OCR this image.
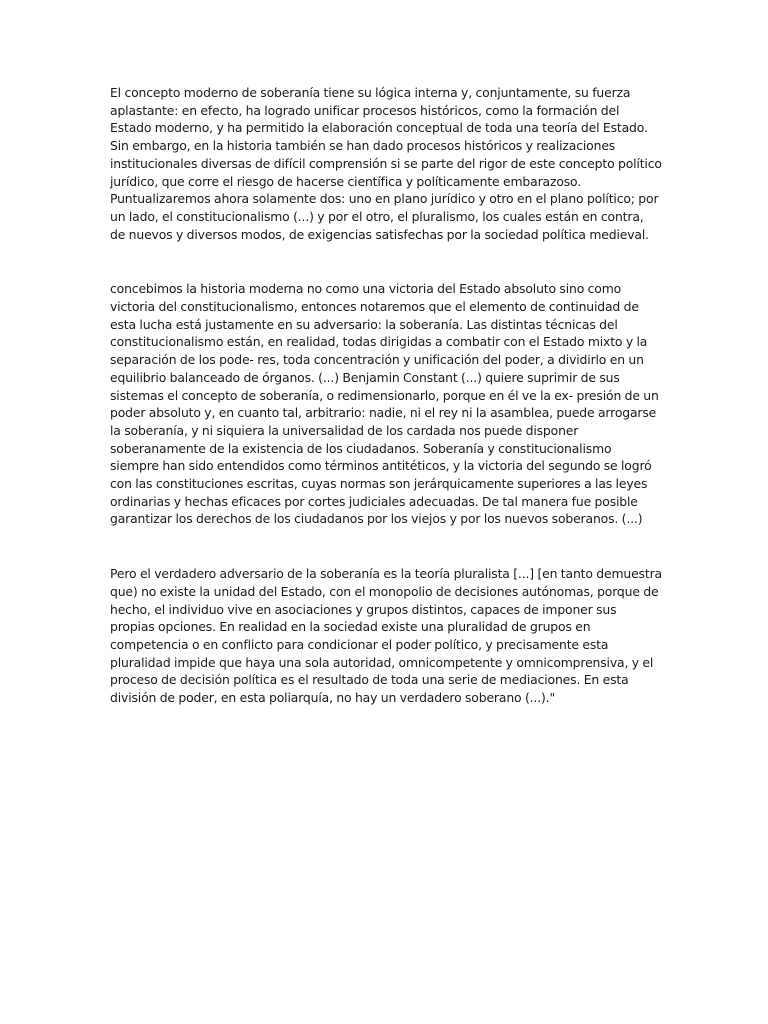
El concepto moderno de soberanía tiene su lógica interna y, conjuntamente, su fuerza aplastante: en efecto, ha logrado unificar procesos históricos, como la formación del Estado moderno, y ha permitido la elaboración conceptual de toda una teoría del Estado. Sin embargo, en la historia también se han dado procesos históricos y realizaciones institucionales diversas de difícil comprensión si se parte del rigor de este concepto político jurídico, que corre el riesgo de hacerse científica y políticamente embarazoso. Puntualizaremos ahora solamente dos: uno en plano jurídico y otro en el plano político; por un lado, el constitucionalismo (...) y por el otro, el pluralismo, los cuales están en contra, de nuevos y diversos modos, de exigencias satisfechas por la sociedad política medieval.

concebimos la historia moderna no como una victoria del Estado absoluto sino como victoria del constitucionalismo, entonces notaremos que el elemento de continuidad de esta lucha está justamente en su adversario: la soberanía. Las distintas técnicas del constitucionalismo están, en realidad, todas dirigidas a combatir con el Estado mixto y la separación de los pode- res, toda concentración y unificación del poder, a dividirlo en un equilibrio balanceado de órganos. (...) Benjamin Constant (...) quiere suprimir de sus sistemas el concepto de soberanía, o redimensionarlo, porque en él ve la ex- presión de un poder absoluto y, en cuanto tal, arbitrario: nadie, ni el rey ni la asamblea, puede arrogarse la soberanía, y ni siquiera la universalidad de los cardada nos puede disponer soberanamente de la existencia de los ciudadanos. Soberanía y constitucionalismo siempre han sido entendidos como términos antitéticos, y la victoria del segundo se logró con las constituciones escritas, cuyas normas son jerárquicamente superiores a las leyes ordinarias y hechas eficaces por cortes judiciales adecuadas. De tal manera fue posible garantizar los derechos de los ciudadanos por los viejos y por los nuevos soberanos. (...)

Pero el verdadero adversario de la soberanía es la teoría pluralista [...] [en tanto demuestra que) no existe la unidad del Estado, con el monopolio de decisiones autónomas, porque de hecho, el individuo vive en asociaciones y grupos distintos, capaces de imponer sus propias opciones. En realidad en la sociedad existe una pluralidad de grupos en competencia o en conflicto para condicionar el poder político, y precisamente esta pluralidad impide que haya una sola autoridad, omnicompetente y omnicomprensiva, y el proceso de decisión política es el resultado de toda una serie de mediaciones. En esta división de poder, en esta poliarquía, no hay un verdadero soberano (...)."
